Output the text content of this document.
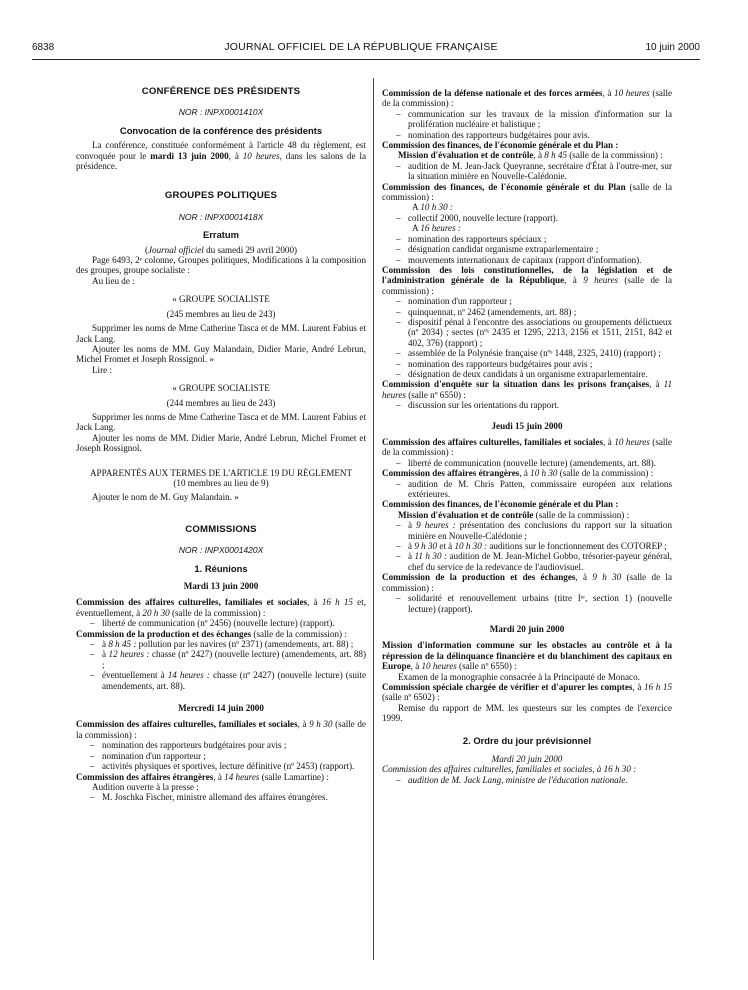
6838	JOURNAL OFFICIEL DE LA RÉPUBLIQUE FRANÇAISE	10 juin 2000
CONFÉRENCE DES PRÉSIDENTS
NOR : INPX0001410X
Convocation de la conférence des présidents

La conférence, constituée conformément à l'article 48 du règlement, est convoquée pour le mardi 13 juin 2000, à 10 heures, dans les salons de la présidence.

GROUPES POLITIQUES
NOR : INPX0001418X
Erratum

(Journal officiel du samedi 29 avril 2000)

Page 6493, 2ᵉ colonne, Groupes politiques, Modifications à la composition des groupes, groupe socialiste :

Au lieu de :

« GROUPE SOCIALISTE

(245 membres au lieu de 243)

Supprimer les noms de Mme Catherine Tasca et de MM. Laurent Fabius et Jack Lang.

Ajouter les noms de MM. Guy Malandain, Didier Marie, André Lebrun, Michel Fromet et Joseph Rossignol. »

Lire :

« GROUPE SOCIALISTE

(244 membres au lieu de 243)

Supprimer les noms de Mme Catherine Tasca et de MM. Laurent Fabius et Jack Lang.

Ajouter les noms de MM. Didier Marie, André Lebrun, Michel Fromet et Joseph Rossignol.

APPARENTÉS AUX TERMES DE L'ARTICLE 19 DU RÈGLEMENT

(10 membres au lieu de 9)

Ajouter le nom de M. Guy Malandain. »

COMMISSIONS
NOR : INPX0001420X
1. Réunions
Mardi 13 juin 2000

Commission des affaires culturelles, familiales et sociales, à 16 h 15 et, éventuellement, à 20 h 30 (salle de la commission) :

– liberté de communication (nº 2456) (nouvelle lecture) (rapport).

Commission de la production et des échanges (salle de la commission) :

– à 8 h 45 : pollution par les navires (nº 2371) (amendements, art. 88) ;
– à 12 heures : chasse (nº 2427) (nouvelle lecture) (amendements, art. 88) ;
– éventuellement à 14 heures : chasse (nº 2427) (nouvelle lecture) (suite amendements, art. 88).
Mercredi 14 juin 2000

Commission des affaires culturelles, familiales et sociales, à 9 h 30 (salle de la commission) :

– nomination des rapporteurs budgétaires pour avis ;
– nomination d'un rapporteur ;
– activités physiques et sportives, lecture définitive (nº 2453) (rapport).

Commission des affaires étrangères, à 14 heures (salle Lamartine) :

Audition ouverte à la presse :

– M. Joschka Fischer, ministre allemand des affaires étrangères.

Commission de la défense nationale et des forces armées, à 10 heures (salle de la commission) :

– communication sur les travaux de la mission d'information sur la prolifération nucléaire et balistique ;
– nomination des rapporteurs budgétaires pour avis.

Commission des finances, de l'économie générale et du Plan :

Mission d'évaluation et de contrôle, à 8 h 45 (salle de la commission) :

– audition de M. Jean-Jack Queyranne, secrétaire d'État à l'outre-mer, sur la situation minière en Nouvelle-Calédonie.

Commission des finances, de l'économie générale et du Plan (salle de la commission) :

A 10 h 30 :

– collectif 2000, nouvelle lecture (rapport).

A 16 heures :

– nomination des rapporteurs spéciaux ;
– désignation candidat organisme extraparlementaire ;
– mouvements internationaux de capitaux (rapport d'information).

Commission des lois constitutionnelles, de la législation et de l'administration générale de la République, à 9 heures (salle de la commission) :

– nomination d'un rapporteur ;
– quinquennat, nº 2462 (amendements, art. 88) ;
– dispositif pénal à l'encontre des associations ou groupements délictueux (nº 2034) ; sectes (nºˢ 2435 et 1295, 2213, 2156 et 1511, 2151, 842 et 402, 376) (rapport) ;
– assemblée de la Polynésie française (nºˢ 1448, 2325, 2410) (rapport) ;
– nomination des rapporteurs budgétaires pour avis ;
– désignation de deux candidats à un organisme extraparlementaire.

Commission d'enquête sur la situation dans les prisons françaises, à 11 heures (salle nº 6550) :

– discussion sur les orientations du rapport.
Jeudi 15 juin 2000

Commission des affaires culturelles, familiales et sociales, à 10 heures (salle de la commission) :

– liberté de communication (nouvelle lecture) (amendements, art. 88).

Commission des affaires étrangères, à 10 h 30 (salle de la commission) :

– audition de M. Chris Patten, commissaire européen aux relations extérieures.

Commission des finances, de l'économie générale et du Plan :

Mission d'évaluation et de contrôle (salle de la commission) :

– à 9 heures : présentation des conclusions du rapport sur la situation minière en Nouvelle-Calédonie ;
– à 9 h 30 et à 10 h 30 : auditions sur le fonctionnement des COTOREP ;
– à 11 h 30 : audition de M. Jean-Michel Gobbo, trésorier-payeur général, chef du service de la redevance de l'audiovisuel.

Commission de la production et des échanges, à 9 h 30 (salle de la commission) :

– solidarité et renouvellement urbains (titre Iᵉʳ, section 1) (nouvelle lecture) (rapport).
Mardi 20 juin 2000

Mission d'information commune sur les obstacles au contrôle et à la répression de la délinquance financière et du blanchiment des capitaux en Europe, à 10 heures (salle nº 6550) :

Examen de la monographie consacrée à la Principauté de Monaco.

Commission spéciale chargée de vérifier et d'apurer les comptes, à 16 h 15 (salle nº 6502) :

Remise du rapport de MM. les questeurs sur les comptes de l'exercice 1999.

2. Ordre du jour prévisionnel

Mardi 20 juin 2000

Commission des affaires culturelles, familiales et sociales, à 16 h 30 :

– audition de M. Jack Lang, ministre de l'éducation nationale.
